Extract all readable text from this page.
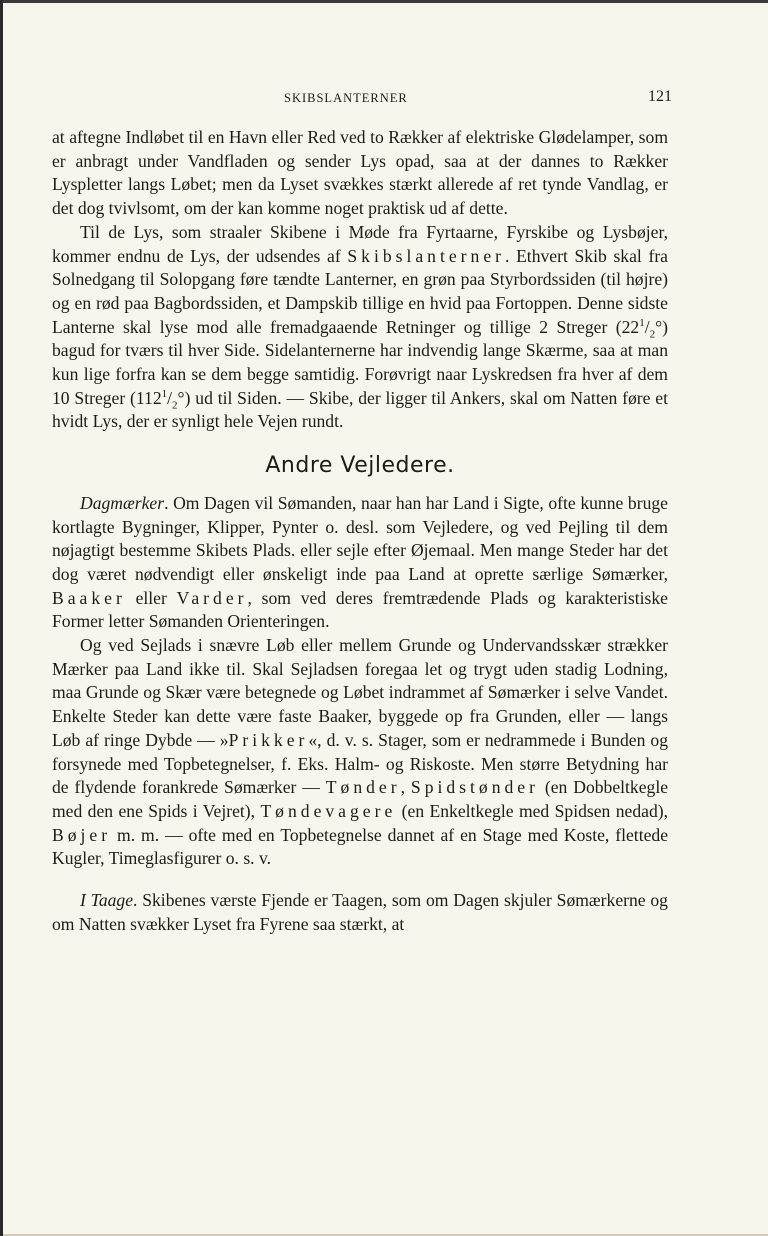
SKIBSLANTERNER	121

at aftegne Indløbet til en Havn eller Red ved to Rækker af elektriske Glødelamper, som er anbragt under Vandfladen og sender Lys opad, saa at der dannes to Rækker Lyspletter langs Løbet; men da Lyset svækkes stærkt allerede af ret tynde Vandlag, er det dog tvivlsomt, om der kan komme noget praktisk ud af dette.

Til de Lys, som straaler Skibene i Møde fra Fyrtaarne, Fyrskibe og Lysbøjer, kommer endnu de Lys, der udsendes af Skibslanterner. Ethvert Skib skal fra Solnedgang til Solopgang føre tændte Lanterner, en grøn paa Styrbordssiden (til højre) og en rød paa Bagbordssiden, et Dampskib tillige en hvid paa Fortoppen. Denne sidste Lanterne skal lyse mod alle fremadgaaende Retninger og tillige 2 Streger $(22^1/_2^\circ)$ bagud for tværs til hver Side. Sidelanternerne har indvendig lange Skærme, saa at man kun lige forfra kan se dem begge samtidig. Forøvrigt naar Lyskredsen fra hver af dem 10 Streger $(112^1/_2^\circ)$ ud til Siden. — Skibe, der ligger til Ankers, skal om Natten føre et hvidt Lys, der er synligt hele Vejen rundt.

Andre Vejledere.

Dagmærker. Om Dagen vil Sømanden, naar han har Land i Sigte, ofte kunne bruge kortlagte Bygninger, Klipper, Pynter o. desl. som Vejledere, og ved Pejling til dem nøjagtigt bestemme Skibets Plads. eller sejle efter Øjemaal. Men mange Steder har det dog været nødvendigt eller ønskeligt inde paa Land at oprette særlige Sømærker, Baaker eller Varder, som ved deres fremtrædende Plads og karakteristiske Former letter Sømanden Orienteringen.

Og ved Sejlads i snævre Løb eller mellem Grunde og Undervandsskær strækker Mærker paa Land ikke til. Skal Sejladsen foregaa let og trygt uden stadig Lodning, maa Grunde og Skær være betegnede og Løbet indrammet af Sømærker i selve Vandet. Enkelte Steder kan dette være faste Baaker, byggede op fra Grunden, eller — langs Løb af ringe Dybde — »Prikker«, d. v. s. Stager, som er nedrammede i Bunden og forsynede med Topbetegnelser, f. Eks. Halm- og Riskoste. Men større Betydning har de flydende forankrede Sømærker — Tønder, Spidstønder (en Dobbeltkegle med den ene Spids i Vejret), Tøndevagere (en Enkeltkegle med Spidsen nedad), Bøjer m. m. — ofte med en Topbetegnelse dannet af en Stage med Koste, flettede Kugler, Timeglasfigurer o. s. v.

I Taage. Skibenes værste Fjende er Taagen, som om Dagen skjuler Sømærkerne og om Natten svækker Lyset fra Fyrene saa stærkt, at
